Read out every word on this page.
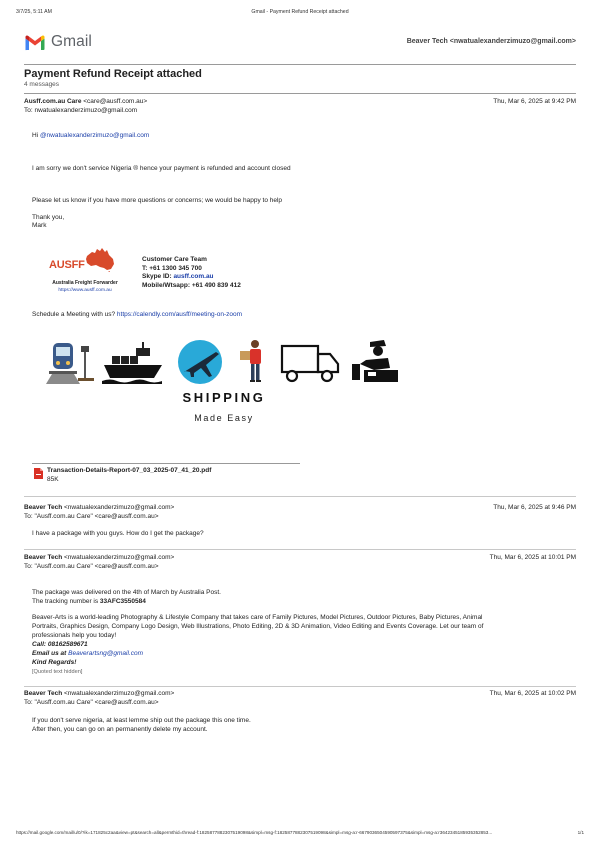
3/7/25, 5:11 AM	Gmail - Payment Refund Receipt attached
Gmail	Beaver Tech <nwatualexanderzimuzo@gmail.com>
Payment Refund Receipt attached
4 messages
Ausff.com.au Care <care@ausff.com.au>	Thu, Mar 6, 2025 at 9:42 PM
To: nwatualexanderzimuzo@gmail.com
Hi @nwatualexanderzimuzo@gmail.com
I am sorry we don't service Nigeria ® hence your payment is refunded and account closed
Please let us know if you have more questions or concerns; we would be happy to help
Thank you,
Mark
AUSFF
Australia Freight Forwarder
https://www.ausff.com.au
Customer Care Team
T: +61 1300 345 700
Skype ID: ausff.com.au
Mobile/Wtsapp: +61 490 839 412
Schedule a Meeting with us? https://calendly.com/ausff/meeting-on-zoom
SHIPPING
Made Easy
Transaction-Details-Report-07_03_2025-07_41_20.pdf
85K
Beaver Tech <nwatualexanderzimuzo@gmail.com>	Thu, Mar 6, 2025 at 9:46 PM
To: "Ausff.com.au Care" <care@ausff.com.au>
I have a package with you guys. How do I get the package?
Beaver Tech <nwatualexanderzimuzo@gmail.com>	Thu, Mar 6, 2025 at 10:01 PM
To: "Ausff.com.au Care" <care@ausff.com.au>
The package was delivered on the 4th of March by Australia Post.
The tracking number is 33AFC3550584
Beaver-Arts is a world-leading Photography & Lifestyle Company that takes care of Family Pictures, Model Pictures, Outdoor Pictures, Baby Pictures, Animal
Portraits, Graphics Design, Company Logo Design, Web Illustrations, Photo Editing, 2D & 3D Animation, Video Editing and Events Coverage. Let our team of
professionals help you today!
Call: 08162589671
Email us at Beaverartsng@gmail.com
Kind Regards!
[Quoted text hidden]
Beaver Tech <nwatualexanderzimuzo@gmail.com>	Thu, Mar 6, 2025 at 10:02 PM
To: "Ausff.com.au Care" <care@ausff.com.au>
If you don't serve nigeria, at least lemme ship out the package this one time.
After then, you can go on an permanently delete my account.
https://mail.google.com/mail/u/0/?ik=171825c2aa&view=pt&search=all&permthid=thread-f:1825877882307519098&simpl=msg-f:1825877882307519098&simpl=msg-a:r-6679036504590597375&simpl=msg-a:r3642345185935352853...	1/1
